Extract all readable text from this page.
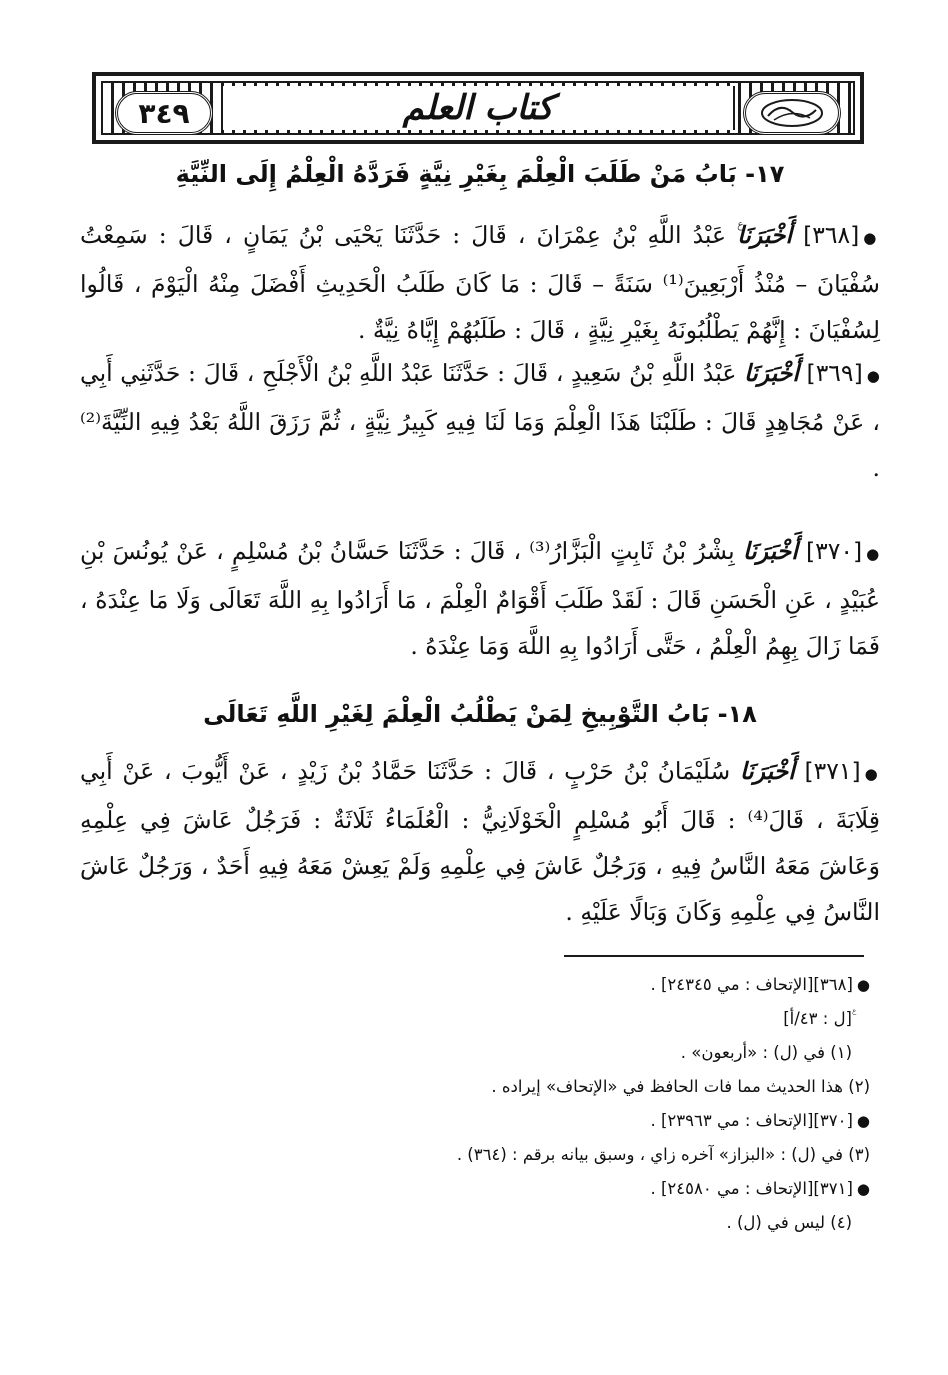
كتاب العلم
٣٤٩
١٧- بَابُ مَنْ طَلَبَ الْعِلْمَ بِغَيْرِ نِيَّةٍ فَرَدَّهُ الْعِلْمُ إِلَى النِّيَّةِ
●[٣٦٨] أَخْبَرَنَا عَبْدُ اللَّهِ بْنُ عِمْرَانَ ، قَالَ : حَدَّثَنَا يَحْيَى بْنُ يَمَانٍ ، قَالَ : سَمِعْتُ سُفْيَانَ – مُنْذُ أَرْبَعِينَ⁽¹⁾ سَنَةً – قَالَ : مَا كَانَ طَلَبُ الْحَدِيثِ أَفْضَلَ مِنْهُ الْيَوْمَ ، قَالُوا لِسُفْيَانَ : إِنَّهُمْ يَطْلُبُونَهُ بِغَيْرِ نِيَّةٍ ، قَالَ : طَلَبُهُمْ إِيَّاهُ نِيَّةٌ .
●[٣٦٩] أَخْبَرَنَا عَبْدُ اللَّهِ بْنُ سَعِيدٍ ، قَالَ : حَدَّثَنَا عَبْدُ اللَّهِ بْنُ الْأَجْلَحِ ، قَالَ : حَدَّثَنِي أَبِي ، عَنْ مُجَاهِدٍ قَالَ : طَلَبْنَا هَذَا الْعِلْمَ وَمَا لَنَا فِيهِ كَبِيرُ نِيَّةٍ ، ثُمَّ رَزَقَ اللَّهُ بَعْدُ فِيهِ النِّيَّةَ⁽²⁾ .
●[٣٧٠] أَخْبَرَنَا بِشْرُ بْنُ ثَابِتٍ الْبَزَّارُ⁽³⁾ ، قَالَ : حَدَّثَنَا حَسَّانُ بْنُ مُسْلِمٍ ، عَنْ يُونُسَ بْنِ عُبَيْدٍ ، عَنِ الْحَسَنِ قَالَ : لَقَدْ طَلَبَ أَقْوَامٌ الْعِلْمَ ، مَا أَرَادُوا بِهِ اللَّهَ تَعَالَى وَلَا مَا عِنْدَهُ ، فَمَا زَالَ بِهِمُ الْعِلْمُ ، حَتَّى أَرَادُوا بِهِ اللَّهَ وَمَا عِنْدَهُ .
١٨- بَابُ التَّوْبِيخِ لِمَنْ يَطْلُبُ الْعِلْمَ لِغَيْرِ اللَّهِ تَعَالَى
●[٣٧١] أَخْبَرَنَا سُلَيْمَانُ بْنُ حَرْبٍ ، قَالَ : حَدَّثَنَا حَمَّادُ بْنُ زَيْدٍ ، عَنْ أَيُّوبَ ، عَنْ أَبِي قِلَابَةَ ، قَالَ⁽⁴⁾ : قَالَ أَبُو مُسْلِمٍ الْخَوْلَانِيُّ : الْعُلَمَاءُ ثَلَاثَةٌ : فَرَجُلٌ عَاشَ فِي عِلْمِهِ وَعَاشَ مَعَهُ النَّاسُ فِيهِ ، وَرَجُلٌ عَاشَ فِي عِلْمِهِ وَلَمْ يَعِشْ مَعَهُ فِيهِ أَحَدٌ ، وَرَجُلٌ عَاشَ النَّاسُ فِي عِلْمِهِ وَكَانَ وَبَالًا عَلَيْهِ .
●[٣٦٨][الإتحاف : مي ٢٤٣٤٥] .
ࣖ[ل : ٤٣/أ]
(١) في (ل) : «أربعون» .
(٢) هذا الحديث مما فات الحافظ في «الإتحاف» إيراده .
●[٣٧٠][الإتحاف : مي ٢٣٩٦٣] .
(٣) في (ل) : «البزاز» آخره زاي ، وسبق بيانه برقم : (٣٦٤) .
●[٣٧١][الإتحاف : مي ٢٤٥٨٠] .
(٤) ليس في (ل) .
